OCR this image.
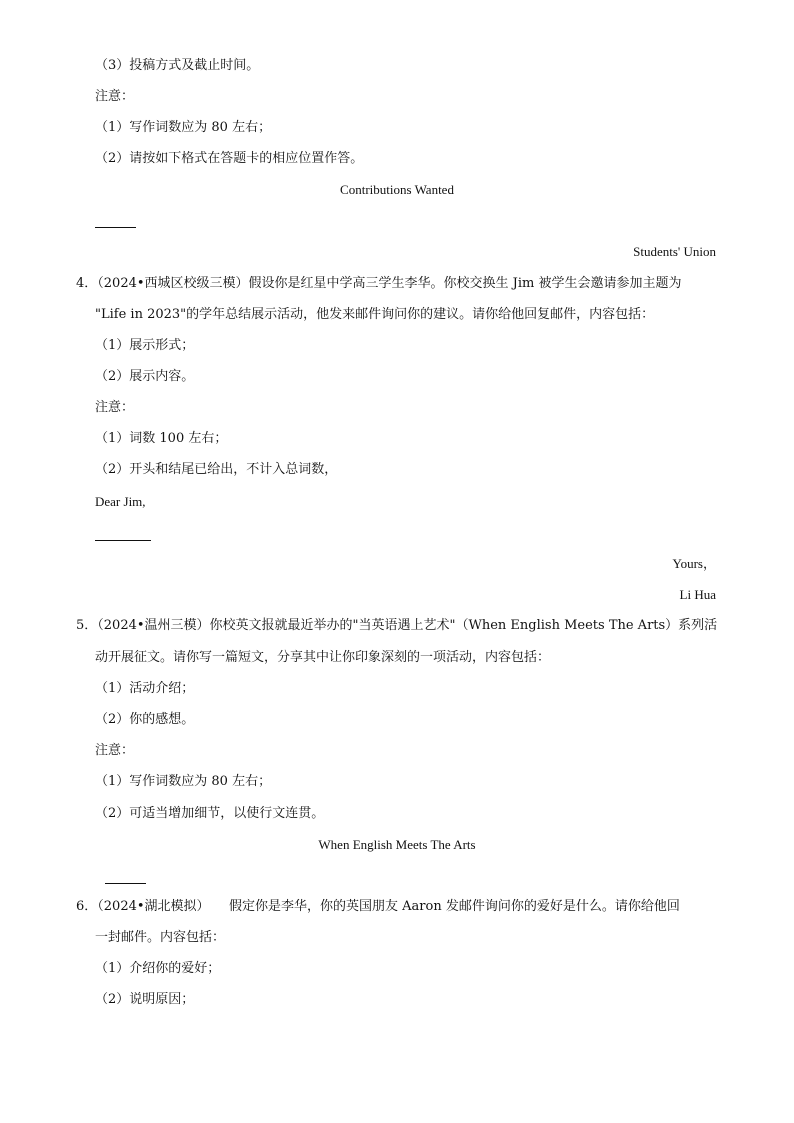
（3）投稿方式及截止时间。
注意：
（1）写作词数应为 80 左右；
（2）请按如下格式在答题卡的相应位置作答。
Contributions Wanted
Students' Union
4．（2024•西城区校级三模）假设你是红星中学高三学生李华。你校交换生 Jim 被学生会邀请参加主题为
"Life in 2023"的学年总结展示活动，他发来邮件询问你的建议。请你给他回复邮件，内容包括：
（1）展示形式；
（2）展示内容。
注意：
（1）词数 100 左右；
（2）开头和结尾已给出，不计入总词数，
Dear Jim,
Yours，
Li Hua
5．（2024•温州三模）你校英文报就最近举办的"当英语遇上艺术"（When English Meets The Arts）系列活
动开展征文。请你写一篇短文，分享其中让你印象深刻的一项活动，内容包括：
（1）活动介绍；
（2）你的感想。
注意：
（1）写作词数应为 80 左右；
（2）可适当增加细节，以使行文连贯。
When English Meets The Arts
6．（2024•湖北模拟）　　假定你是李华，你的英国朋友 Aaron 发邮件询问你的爱好是什么。请你给他回
一封邮件。内容包括：
（1）介绍你的爱好；
（2）说明原因；
